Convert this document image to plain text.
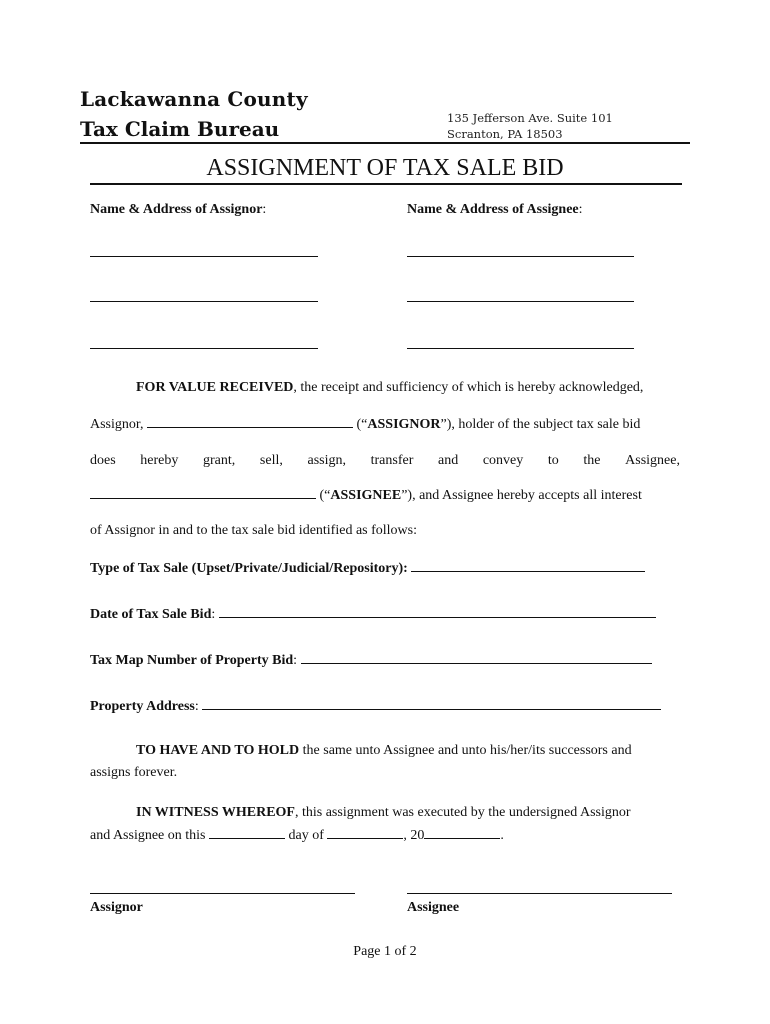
Lackawanna County
Tax Claim Bureau	135 Jefferson Ave. Suite 101
Scranton, PA 18503
ASSIGNMENT OF TAX SALE BID
Name & Address of Assignor:	Name & Address of Assignee:
FOR VALUE RECEIVED, the receipt and sufficiency of which is hereby acknowledged,
Assignor,	(“ASSIGNOR”), holder of the subject tax sale bid
does hereby grant, sell, assign, transfer and convey to the Assignee,
(“ASSIGNEE”), and Assignee hereby accepts all interest
of Assignor in and to the tax sale bid identified as follows:
Type of Tax Sale (Upset/Private/Judicial/Repository):
Date of Tax Sale Bid:
Tax Map Number of Property Bid:
Property Address:
TO HAVE AND TO HOLD the same unto Assignee and unto his/her/its successors and
assigns forever.
IN WITNESS WHEREOF, this assignment was executed by the undersigned Assignor
and Assignee on this	day of	, 20	.
Assignor	Assignee
Page 1 of 2
